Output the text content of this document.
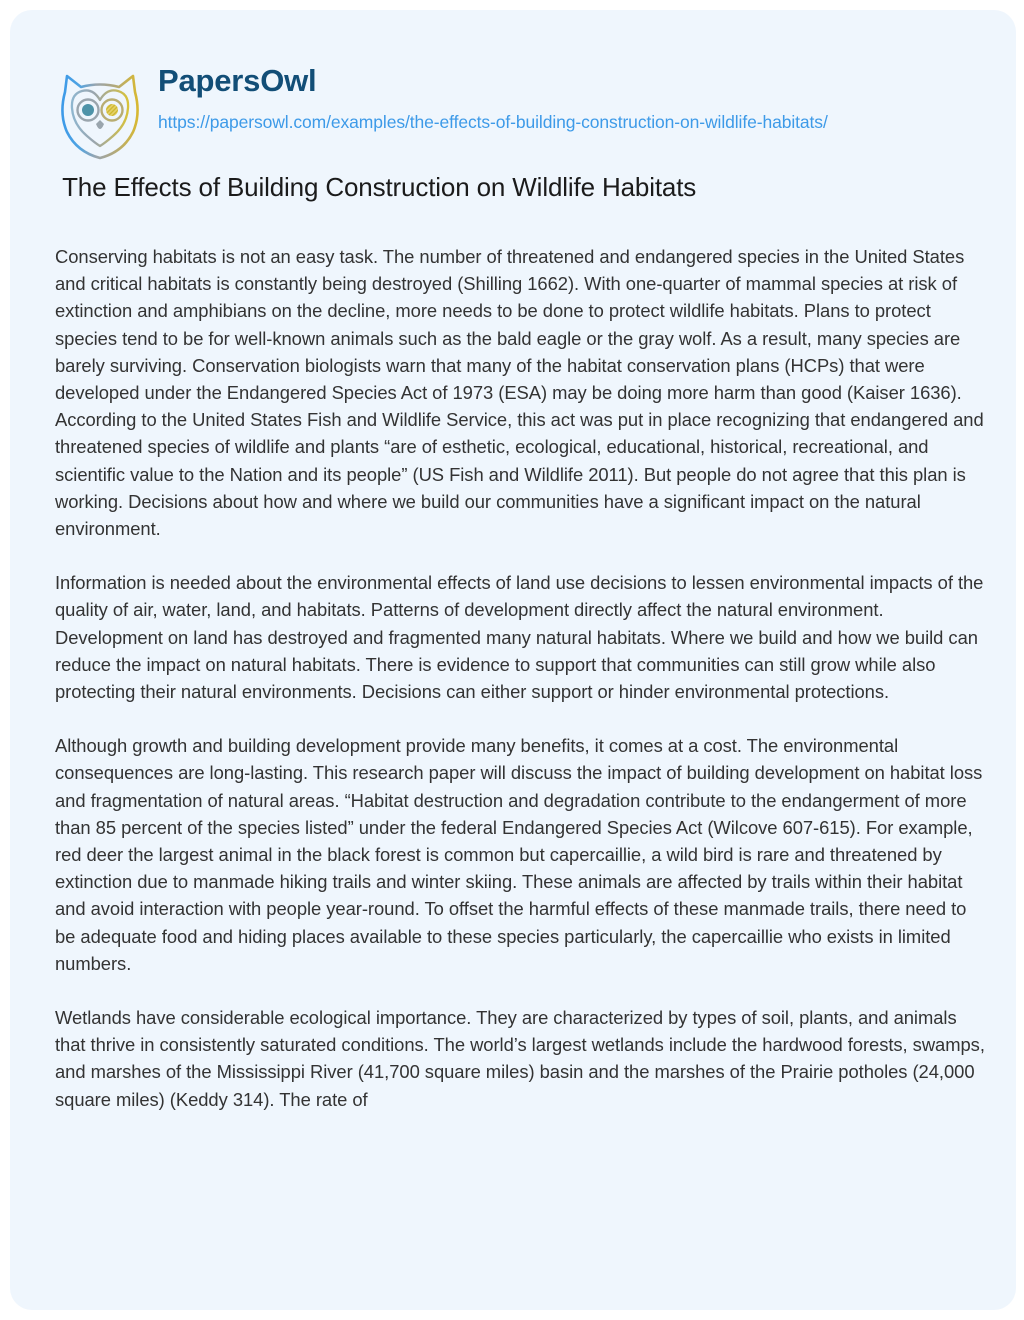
PapersOwl
https://papersowl.com/examples/the-effects-of-building-construction-on-wildlife-habitats/
The Effects of Building Construction on Wildlife Habitats

Conserving habitats is not an easy task. The number of threatened and endangered species in the United States and critical habitats is constantly being destroyed (Shilling 1662). With one-quarter of mammal species at risk of extinction and amphibians on the decline, more needs to be done to protect wildlife habitats. Plans to protect species tend to be for well-known animals such as the bald eagle or the gray wolf. As a result, many species are barely surviving. Conservation biologists warn that many of the habitat conservation plans (HCPs) that were developed under the Endangered Species Act of 1973 (ESA) may be doing more harm than good (Kaiser 1636). According to the United States Fish and Wildlife Service, this act was put in place recognizing that endangered and threatened species of wildlife and plants “are of esthetic, ecological, educational, historical, recreational, and scientific value to the Nation and its people” (US Fish and Wildlife 2011). But people do not agree that this plan is working. Decisions about how and where we build our communities have a significant impact on the natural environment.

Information is needed about the environmental effects of land use decisions to lessen environmental impacts of the quality of air, water, land, and habitats. Patterns of development directly affect the natural environment. Development on land has destroyed and fragmented many natural habitats. Where we build and how we build can reduce the impact on natural habitats. There is evidence to support that communities can still grow while also protecting their natural environments. Decisions can either support or hinder environmental protections.

Although growth and building development provide many benefits, it comes at a cost. The environmental consequences are long-lasting. This research paper will discuss the impact of building development on habitat loss and fragmentation of natural areas. “Habitat destruction and degradation contribute to the endangerment of more than 85 percent of the species listed” under the federal Endangered Species Act (Wilcove 607-615). For example, red deer the largest animal in the black forest is common but capercaillie, a wild bird is rare and threatened by extinction due to manmade hiking trails and winter skiing. These animals are affected by trails within their habitat and avoid interaction with people year-round. To offset the harmful effects of these manmade trails, there need to be adequate food and hiding places available to these species particularly, the capercaillie who exists in limited numbers.

Wetlands have considerable ecological importance. They are characterized by types of soil, plants, and animals that thrive in consistently saturated conditions. The world’s largest wetlands include the hardwood forests, swamps, and marshes of the Mississippi River (41,700 square miles) basin and the marshes of the Prairie potholes (24,000 square miles) (Keddy 314). The rate of
